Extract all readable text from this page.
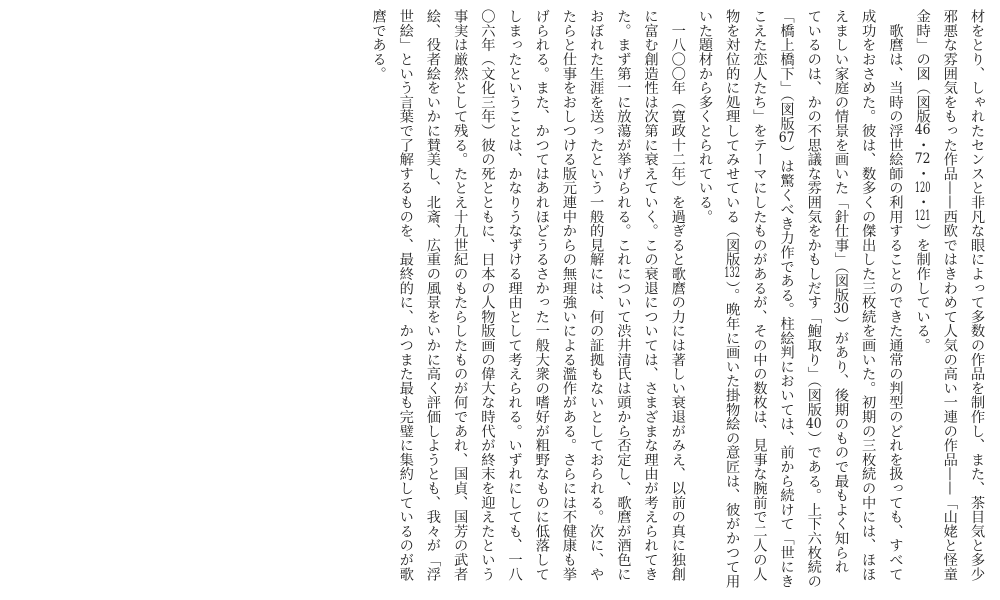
材をとり、しゃれたセンスと非凡な眼によって多数の作品を制作し、また、茶目気と多少
邪悪な雰囲気をもった作品——西欧ではきわめて人気の高い一連の作品——「山姥と怪童
金時」の図（図版46・72・120・121）を制作している。
　歌麿は、当時の浮世絵師の利用することのできた通常の判型のどれを扱っても、すべて
成功をおさめた。彼は、数多くの傑出した三枚続を画いた。初期の三枚続の中には、ほほ
えましい家庭の情景を画いた「針仕事」（図版30）があり、後期のもので最もよく知られ
ているのは、かの不思議な雰囲気をかもしだす「鮑取り」（図版40）である。上下六枚続の
「橋上橋下」（図版67）は驚くべき力作である。柱絵判においては、前から続けて「世にき
こえた恋人たち」をテーマにしたものがあるが、その中の数枚は、見事な腕前で二人の人
物を対位的に処理してみせている（図版132）。晩年に画いた掛物絵の意匠は、彼がかつて用
いた題材から多くとられている。
　一八〇〇年（寛政十二年）を過ぎると歌麿の力には著しい衰退がみえ、以前の真に独創
に富む創造性は次第に衰えていく。この衰退については、さまざまな理由が考えられてき
た。まず第一に放蕩が挙げられる。これについて渋井清氏は頭から否定し、歌麿が酒色に
おぼれた生涯を送ったという一般的見解には、何の証拠もないとしておられる。次に、や
たらと仕事をおしつける版元連中からの無理強いによる濫作がある。さらには不健康も挙
げられる。また、かつてはあれほどうるさかった一般大衆の嗜好が粗野なものに低落して
しまったということは、かなりうなずける理由として考えられる。いずれにしても、一八
〇六年（文化三年）彼の死とともに、日本の人物版画の偉大な時代が終末を迎えたという
事実は厳然として残る。たとえ十九世紀のもたらしたものが何であれ、国貞、国芳の武者
絵、役者絵をいかに賛美し、北斎、広重の風景をいかに高く評価しようとも、我々が「浮
世絵」という言葉で了解するものを、最終的に、かつまた最も完璧に集約しているのが歌
麿である。
